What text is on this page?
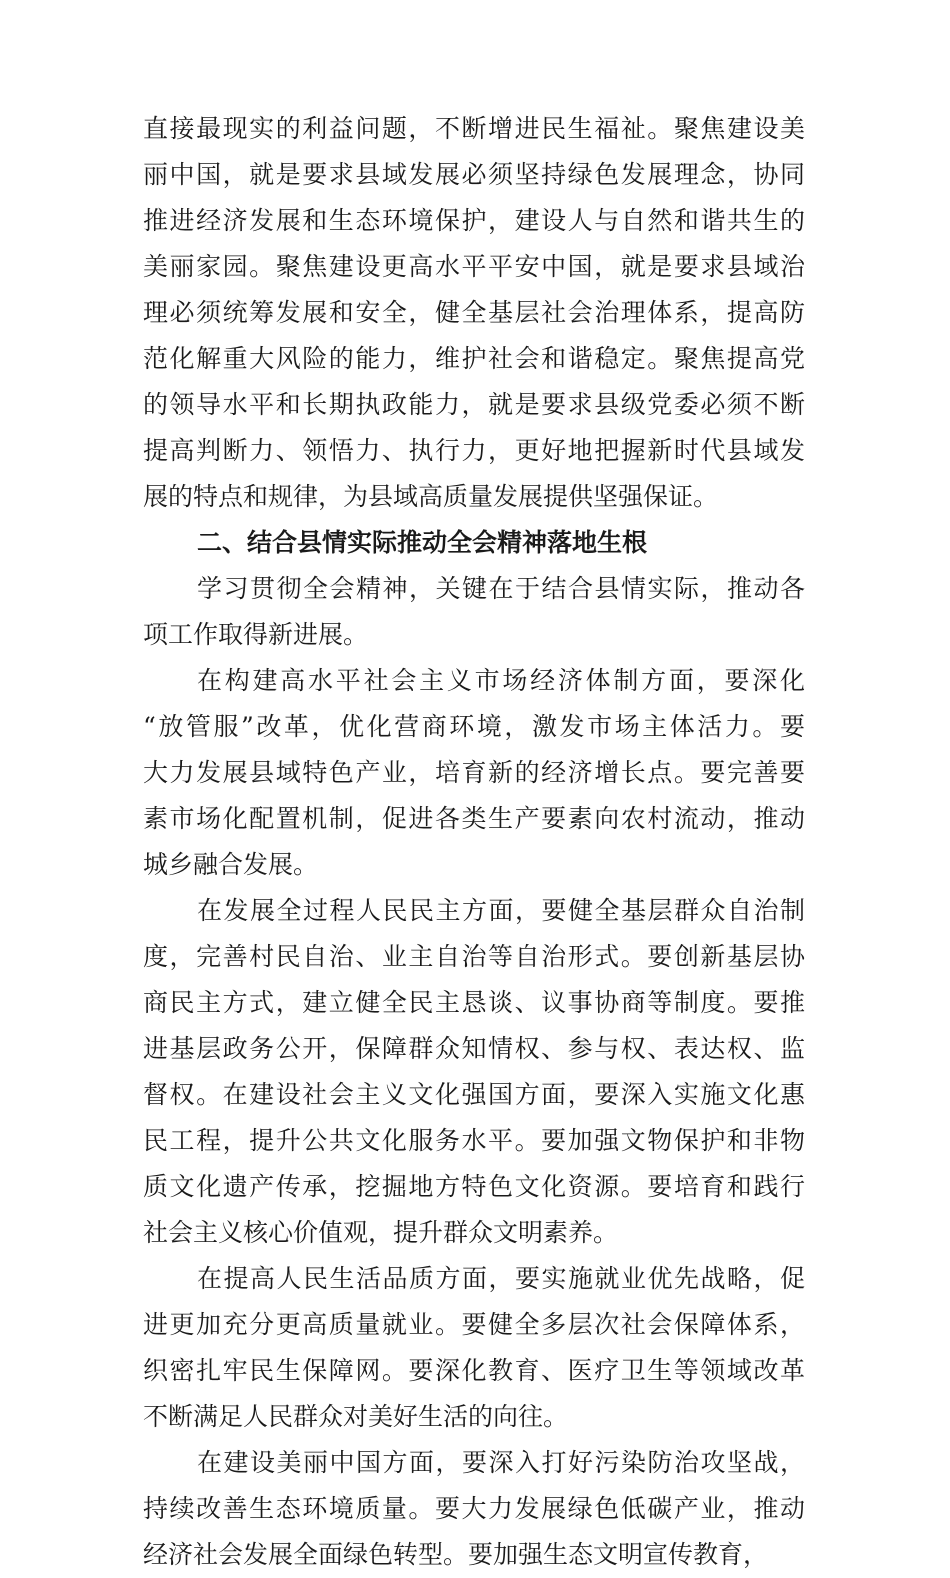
直接最现实的利益问题，不断增进民生福祉。聚焦建设美
丽中国，就是要求县域发展必须坚持绿色发展理念，协同
推进经济发展和生态环境保护，建设人与自然和谐共生的
美丽家园。聚焦建设更高水平平安中国，就是要求县域治
理必须统筹发展和安全，健全基层社会治理体系，提高防
范化解重大风险的能力，维护社会和谐稳定。聚焦提高党
的领导水平和长期执政能力，就是要求县级党委必须不断
提高判断力、领悟力、执行力，更好地把握新时代县域发
展的特点和规律，为县域高质量发展提供坚强保证。
二、结合县情实际推动全会精神落地生根
学习贯彻全会精神，关键在于结合县情实际，推动各
项工作取得新进展。
在构建高水平社会主义市场经济体制方面，要深化
“放管服”改革，优化营商环境，激发市场主体活力。要
大力发展县域特色产业，培育新的经济增长点。要完善要
素市场化配置机制，促进各类生产要素向农村流动，推动
城乡融合发展。
在发展全过程人民民主方面，要健全基层群众自治制
度，完善村民自治、业主自治等自治形式。要创新基层协
商民主方式，建立健全民主恳谈、议事协商等制度。要推
进基层政务公开，保障群众知情权、参与权、表达权、监
督权。在建设社会主义文化强国方面，要深入实施文化惠
民工程，提升公共文化服务水平。要加强文物保护和非物
质文化遗产传承，挖掘地方特色文化资源。要培育和践行
社会主义核心价值观，提升群众文明素养。
在提高人民生活品质方面，要实施就业优先战略，促
进更加充分更高质量就业。要健全多层次社会保障体系，
织密扎牢民生保障网。要深化教育、医疗卫生等领域改革
不断满足人民群众对美好生活的向往。
在建设美丽中国方面，要深入打好污染防治攻坚战，
持续改善生态环境质量。要大力发展绿色低碳产业，推动
经济社会发展全面绿色转型。要加强生态文明宣传教育，
